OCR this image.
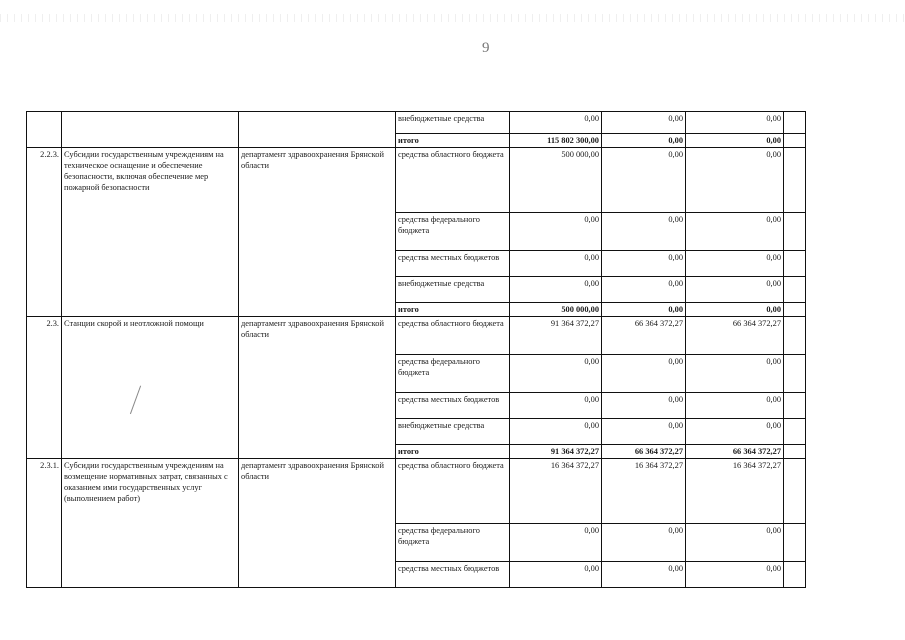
9
			внебюджетные средства	0,00	0,00	0,00	
			итого	115 802 300,00	0,00	0,00	
2.2.3.	Субсидии государственным учреждениям на техническое оснащение и обеспечение безопасности, включая обеспечение мер пожарной безопасности	департамент здравоохранения Брянской области	средства областного бюджета	500 000,00	0,00	0,00	
			средства федерального бюджета	0,00	0,00	0,00	
			средства местных бюджетов	0,00	0,00	0,00	
			внебюджетные средства	0,00	0,00	0,00	
			итого	500 000,00	0,00	0,00	
2.3.	Станции скорой и неотложной помощи	департамент здравоохранения Брянской области	средства областного бюджета	91 364 372,27	66 364 372,27	66 364 372,27	
			средства федерального бюджета	0,00	0,00	0,00	
			средства местных бюджетов	0,00	0,00	0,00	
			внебюджетные средства	0,00	0,00	0,00	
			итого	91 364 372,27	66 364 372,27	66 364 372,27	
2.3.1.	Субсидии государственным учреждениям на возмещение нормативных затрат, связанных с оказанием ими государственных услуг (выполнением работ)	департамент здравоохранения Брянской области	средства областного бюджета	16 364 372,27	16 364 372,27	16 364 372,27	
			средства федерального бюджета	0,00	0,00	0,00	
			средства местных бюджетов	0,00	0,00	0,00	
